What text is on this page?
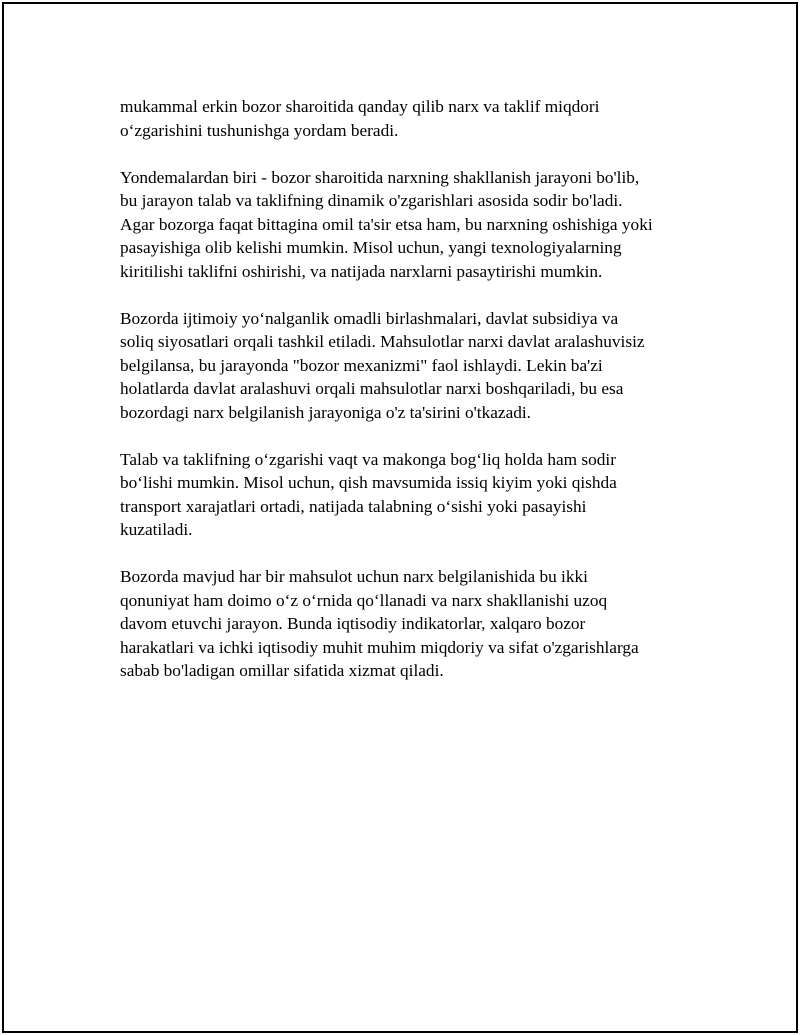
mukammal erkin bozor sharoitida qanday qilib narx va taklif miqdori
o‘zgarishini tushunishga yordam beradi.

Yondemalardan biri - bozor sharoitida narxning shakllanish jarayoni bo'lib,
bu jarayon talab va taklifning dinamik o'zgarishlari asosida sodir bo'ladi.
Agar bozorga faqat bittagina omil ta'sir etsa ham, bu narxning oshishiga yoki
pasayishiga olib kelishi mumkin. Misol uchun, yangi texnologiyalarning
kiritilishi taklifni oshirishi, va natijada narxlarni pasaytirishi mumkin.

Bozorda ijtimoiy yo‘nalganlik omadli birlashmalari, davlat subsidiya va
soliq siyosatlari orqali tashkil etiladi. Mahsulotlar narxi davlat aralashuvisiz
belgilansa, bu jarayonda "bozor mexanizmi" faol ishlaydi. Lekin ba'zi
holatlarda davlat aralashuvi orqali mahsulotlar narxi boshqariladi, bu esa
bozordagi narx belgilanish jarayoniga o'z ta'sirini o'tkazadi.

Talab va taklifning o‘zgarishi vaqt va makonga bog‘liq holda ham sodir
bo‘lishi mumkin. Misol uchun, qish mavsumida issiq kiyim yoki qishda
transport xarajatlari ortadi, natijada talabning o‘sishi yoki pasayishi
kuzatiladi.

Bozorda mavjud har bir mahsulot uchun narx belgilanishida bu ikki
qonuniyat ham doimo o‘z o‘rnida qo‘llanadi va narx shakllanishi uzoq
davom etuvchi jarayon. Bunda iqtisodiy indikatorlar, xalqaro bozor
harakatlari va ichki iqtisodiy muhit muhim miqdoriy va sifat o'zgarishlarga
sabab bo'ladigan omillar sifatida xizmat qiladi.
